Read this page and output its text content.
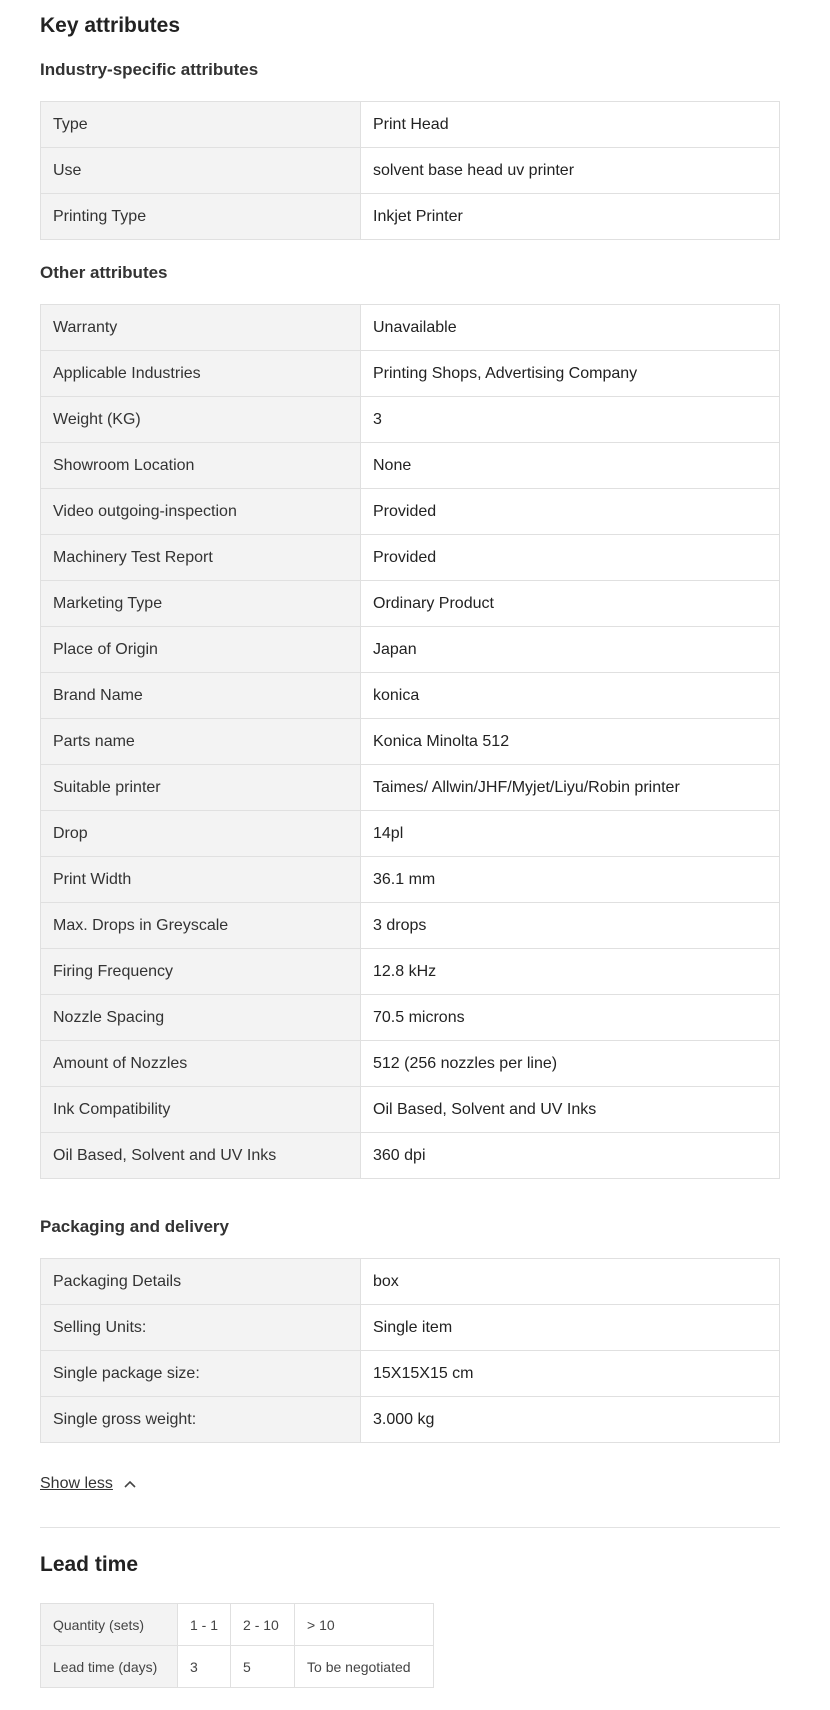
Key attributes
Industry-specific attributes
Type	Print Head
Use	solvent base head uv printer
Printing Type	Inkjet Printer
Other attributes
Warranty	Unavailable
Applicable Industries	Printing Shops, Advertising Company
Weight (KG)	3
Showroom Location	None
Video outgoing-inspection	Provided
Machinery Test Report	Provided
Marketing Type	Ordinary Product
Place of Origin	Japan
Brand Name	konica
Parts name	Konica Minolta 512
Suitable printer	Taimes/ Allwin/JHF/Myjet/Liyu/Robin printer
Drop	14pl
Print Width	36.1 mm
Max. Drops in Greyscale	3 drops
Firing Frequency	12.8 kHz
Nozzle Spacing	70.5 microns
Amount of Nozzles	512 (256 nozzles per line)
Ink Compatibility	Oil Based, Solvent and UV Inks
Oil Based, Solvent and UV Inks	360 dpi
Packaging and delivery
Packaging Details	box
Selling Units:	Single item
Single package size:	15X15X15 cm
Single gross weight:	3.000 kg
Show less
Lead time
Quantity (sets)	1 - 1	2 - 10	> 10
Lead time (days)	3	5	To be negotiated
